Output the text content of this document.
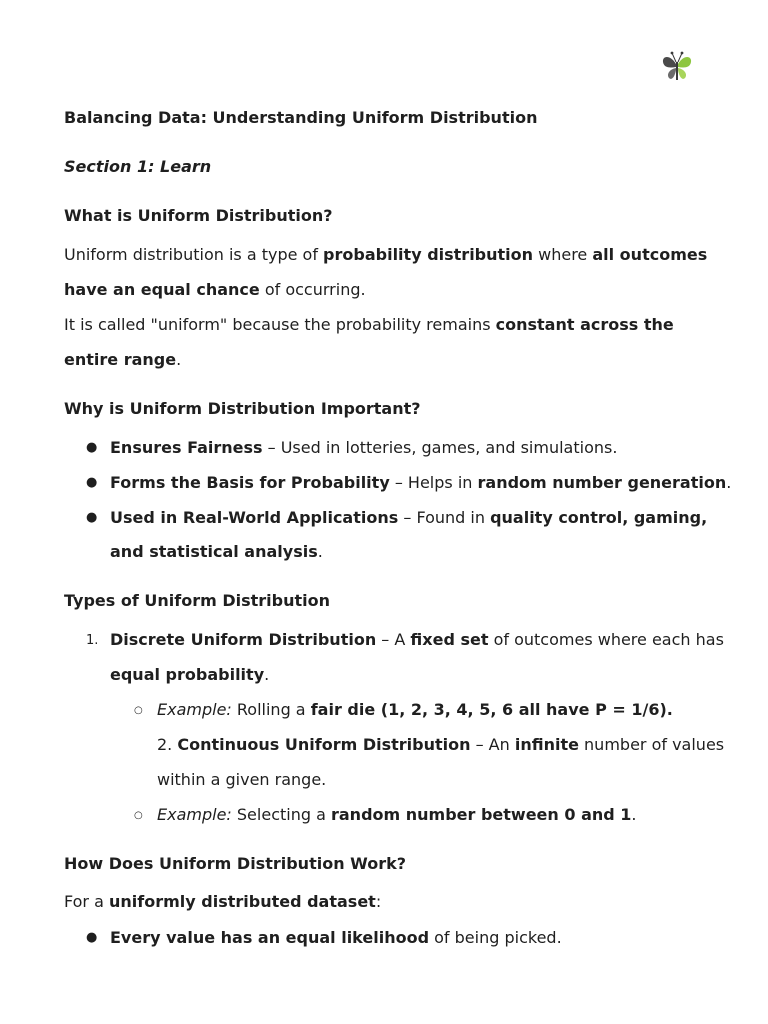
Balancing Data: Understanding Uniform Distribution
Section 1: Learn
What is Uniform Distribution?
Uniform distribution is a type of probability distribution where all outcomes
have an equal chance of occurring.
It is called "uniform" because the probability remains constant across the
entire range.
Why is Uniform Distribution Important?
● Ensures Fairness – Used in lotteries, games, and simulations.
● Forms the Basis for Probability – Helps in random number generation.
● Used in Real-World Applications – Found in quality control, gaming,
and statistical analysis.
Types of Uniform Distribution
1. Discrete Uniform Distribution – A fixed set of outcomes where each has
equal probability.
○ Example: Rolling a fair die (1, 2, 3, 4, 5, 6 all have P = 1/6).
2. Continuous Uniform Distribution – An infinite number of values
within a given range.
○ Example: Selecting a random number between 0 and 1.
How Does Uniform Distribution Work?
For a uniformly distributed dataset:
● Every value has an equal likelihood of being picked.
